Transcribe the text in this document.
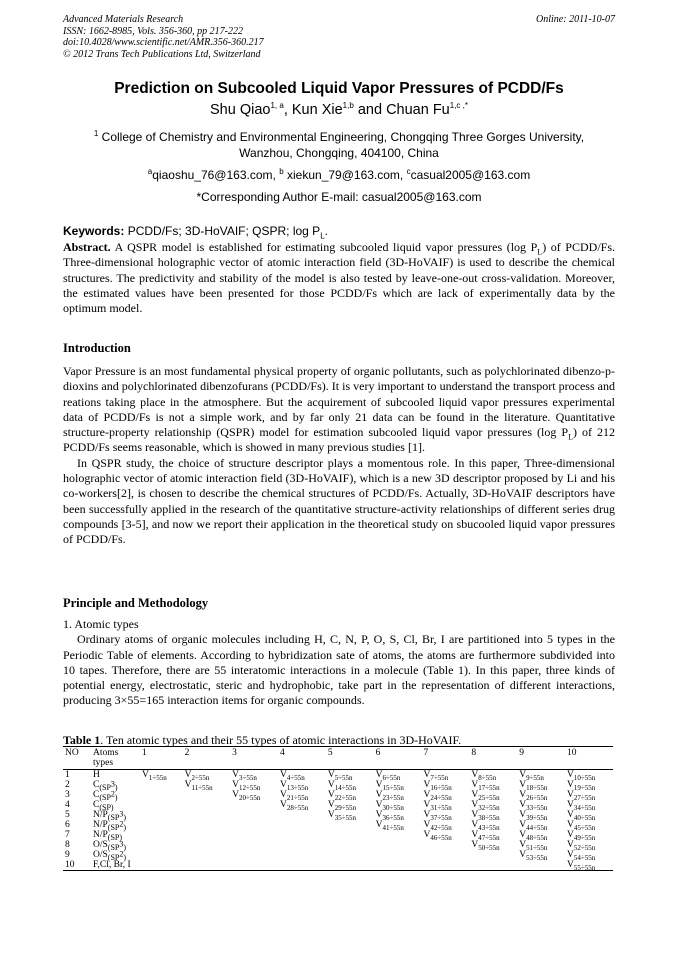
Advanced Materials Research
ISSN: 1662-8985, Vols. 356-360, pp 217-222
doi:10.4028/www.scientific.net/AMR.356-360.217
© 2012 Trans Tech Publications Ltd, Switzerland
Online: 2011-10-07
Prediction on Subcooled Liquid Vapor Pressures of PCDD/Fs
Shu Qiao$^{1, a}$, Kun Xie$^{1,b}$ and Chuan $Fu^{1,c ,*}$
$^1$ College of Chemistry and Environmental Engineering, Chongqing Three Gorges University,
Wanzhou, Chongqing, 404100, China
$^a$qiaoshu_76@163.com, $^b$ xiekun_79@163.com, $^c$casual2005@163.com
*Corresponding Author E-mail: casual2005@163.com
Keywords: PCDD/Fs; 3D-HoVAIF; QSPR; $\log P_L$.
Abstract. A QSPR model is established for estimating subcooled liquid vapor pressures (log $P_L$) of PCDD/Fs. Three-dimensional holographic vector of atomic interaction field (3D-HoVAIF) is used to describe the chemical structures. The predictivity and stability of the model is also tested by leave-one-out cross-validation. Moreover, the estimated values have been presented for those PCDD/Fs which are lack of experimentally data by the optimum model.
Introduction
Vapor Pressure is an most fundamental physical property of organic pollutants, such as polychlorinated dibenzo-p-dioxins and polychlorinated dibenzofurans (PCDD/Fs). It is very important to understand the transport process and reations taking place in the atmosphere. But the acquirement of subcooled liquid vapor pressures experimental data of PCDD/Fs is not a simple work, and by far only 21 data can be found in the literature. Quantitative structure-property relationship (QSPR) model for estimation subcooled liquid vapor pressures (log $P_L$) of 212 PCDD/Fs seems reasonable, which is showed in many previous studies [1].
In QSPR study, the choice of structure descriptor plays a momentous role. In this paper, Three-dimensional holographic vector of atomic interaction field (3D-HoVAIF), which is a new 3D descriptor proposed by Li and his co-workers[2], is chosen to describe the chemical structures of PCDD/Fs. Actually, 3D-HoVAIF descriptors have been successfully applied in the research of the quantitative structure-activity relationships of different series drug compounds [3-5], and now we report their application in the theoretical study on sbucooled liquid vapor pressures of PCDD/Fs.
Principle and Methodology
1. Atomic types
Ordinary atoms of organic molecules including H, C, N, P, O, S, Cl, Br, I are partitioned into 5 types in the Periodic Table of elements. According to hybridization sate of atoms, the atoms are furthermore subdivided into 10 tapes. Therefore, there are 55 interatomic interactions in a molecule (Table 1). In this paper, three kinds of potential energy, electrostatic, steric and hydrophobic, take part in the representation of different interactions, producing 3×55=165 interaction items for organic compounds.
Table 1. Ten atomic types and their 55 types of atomic interactions in 3D-HoVAIF.
NO	Atoms types	1	2	3	4	5	6	7	8	9	10
1	H	$V_{1\div 55n}$	$V_{2\div 55n}$	$V_{3\div 55n}$	$V_{4\div 55n}$	$V_{5\div 55n}$	$V_{6\div 55n}$	$V_{7\div 55n}$	$V_{8\div 55n}$	$V_{9\div 55n}$	$V_{10\div 55n}$
2	$C_{(SP^3)}$		$V_{11\div 55n}$	$V_{12\div 55n}$	$V_{13\div 55n}$	$V_{14\div 55n}$	$V_{15\div 55n}$	$V_{16\div 55n}$	$V_{17\div 55n}$	$V_{18\div 55n}$	$V_{19\div 55n}$
3	$C_{(SP^2)}$			$V_{20\div 55n}$	$V_{21\div 55n}$	$V_{22\div 55n}$	$V_{23\div 55n}$	$V_{24\div 55n}$	$V_{25\div 55n}$	$V_{26\div 55n}$	$V_{27\div 55n}$
4	$C_{(SP)}$				$V_{28\div 55n}$	$V_{29\div 55n}$	$V_{30\div 55n}$	$V_{31\div 55n}$	$V_{32\div 55n}$	$V_{33\div 55n}$	$V_{34\div 55n}$
5	$N/P_{(SP^3)}$					$V_{35\div 55n}$	$V_{36\div 55n}$	$V_{37\div 55n}$	$V_{38\div 55n}$	$V_{39\div 55n}$	$V_{40\div 55n}$
6	$N/P_{(SP^2)}$						$V_{41\div 55n}$	$V_{42\div 55n}$	$V_{43\div 55n}$	$V_{44\div 55n}$	$V_{45\div 55n}$
7	$N/P_{(SP)}$							$V_{46\div 55n}$	$V_{47\div 55n}$	$V_{48\div 55n}$	$V_{49\div 55n}$
8	$O/S_{(SP^3)}$								$V_{50\div 55n}$	$V_{51\div 55n}$	$V_{52\div 55n}$
9	$O/S_{(SP^2)}$									$V_{53\div 55n}$	$V_{54\div 55n}$
10	F,Cl, Br, I										$V_{55\div 55n}$
